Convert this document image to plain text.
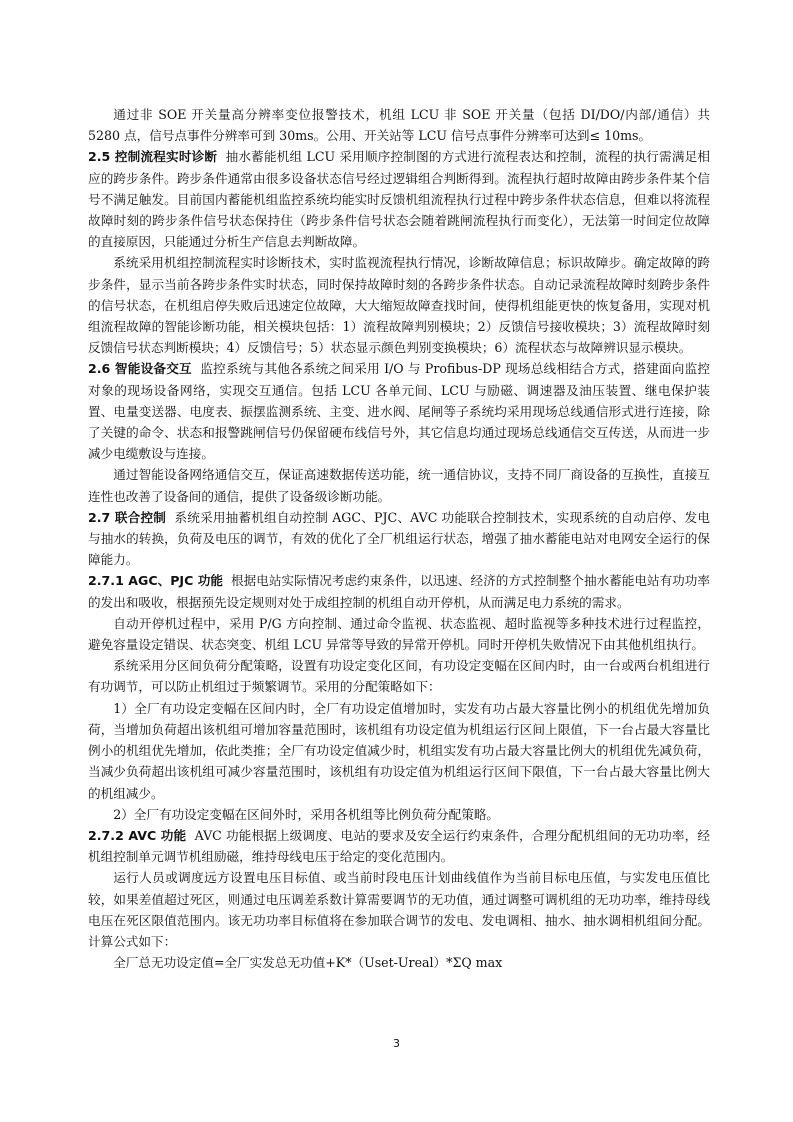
通过非 SOE 开关量高分辨率变位报警技术，机组 LCU 非 SOE 开关量（包括 DI/DO/内部/通信）共 5280 点，信号点事件分辨率可到 30ms。公用、开关站等 LCU 信号点事件分辨率可达到≤ 10ms。

2.5 控制流程实时诊断 抽水蓄能机组 LCU 采用顺序控制图的方式进行流程表达和控制，流程的执行需满足相应的跨步条件。跨步条件通常由很多设备状态信号经过逻辑组合判断得到。流程执行超时故障由跨步条件某个信号不满足触发。目前国内蓄能机组监控系统均能实时反馈机组流程执行过程中跨步条件状态信息，但难以将流程故障时刻的跨步条件信号状态保持住（跨步条件信号状态会随着跳闸流程执行而变化），无法第一时间定位故障的直接原因，只能通过分析生产信息去判断故障。

系统采用机组控制流程实时诊断技术，实时监视流程执行情况，诊断故障信息；标识故障步。确定故障的跨步条件，显示当前各跨步条件实时状态，同时保持故障时刻的各跨步条件状态。自动记录流程故障时刻跨步条件的信号状态，在机组启停失败后迅速定位故障，大大缩短故障查找时间，使得机组能更快的恢复备用，实现对机组流程故障的智能诊断功能，相关模块包括：1）流程故障判别模块；2）反馈信号接收模块；3）流程故障时刻反馈信号状态判断模块；4）反馈信号；5）状态显示颜色判别变换模块；6）流程状态与故障辨识显示模块。

2.6 智能设备交互 监控系统与其他各系统之间采用 I/O 与 Profibus-DP 现场总线相结合方式，搭建面向监控对象的现场设备网络，实现交互通信。包括 LCU 各单元间、LCU 与励磁、调速器及油压装置、继电保护装置、电量变送器、电度表、振摆监测系统、主变、进水阀、尾闸等子系统均采用现场总线通信形式进行连接，除了关键的命令、状态和报警跳闸信号仍保留硬布线信号外，其它信息均通过现场总线通信交互传送，从而进一步减少电缆敷设与连接。

通过智能设备网络通信交互，保证高速数据传送功能，统一通信协议，支持不同厂商设备的互换性，直接互连性也改善了设备间的通信，提供了设备级诊断功能。

2.7 联合控制 系统采用抽蓄机组自动控制 AGC、PJC、AVC 功能联合控制技术，实现系统的自动启停、发电与抽水的转换，负荷及电压的调节，有效的优化了全厂机组运行状态，增强了抽水蓄能电站对电网安全运行的保障能力。

2.7.1 AGC、PJC 功能 根据电站实际情况考虑约束条件，以迅速、经济的方式控制整个抽水蓄能电站有功功率的发出和吸收，根据预先设定规则对处于成组控制的机组自动开停机，从而满足电力系统的需求。

自动开停机过程中，采用 P/G 方向控制、通过命令监视、状态监视、超时监视等多种技术进行过程监控，避免容量设定错误、状态突变、机组 LCU 异常等导致的异常开停机。同时开停机失败情况下由其他机组执行。

系统采用分区间负荷分配策略，设置有功设定变化区间，有功设定变幅在区间内时，由一台或两台机组进行有功调节，可以防止机组过于频繁调节。采用的分配策略如下：

1）全厂有功设定变幅在区间内时，全厂有功设定值增加时，实发有功占最大容量比例小的机组优先增加负荷，当增加负荷超出该机组可增加容量范围时，该机组有功设定值为机组运行区间上限值，下一台占最大容量比例小的机组优先增加，依此类推；全厂有功设定值减少时，机组实发有功占最大容量比例大的机组优先减负荷，当减少负荷超出该机组可减少容量范围时，该机组有功设定值为机组运行区间下限值，下一台占最大容量比例大的机组减少。

2）全厂有功设定变幅在区间外时，采用各机组等比例负荷分配策略。

2.7.2 AVC 功能 AVC 功能根据上级调度、电站的要求及安全运行约束条件，合理分配机组间的无功功率，经机组控制单元调节机组励磁，维持母线电压于给定的变化范围内。

运行人员或调度远方设置电压目标值、或当前时段电压计划曲线值作为当前目标电压值，与实发电压值比较，如果差值超过死区，则通过电压调差系数计算需要调节的无功值，通过调整可调机组的无功功率，维持母线电压在死区限值范围内。该无功功率目标值将在参加联合调节的发电、发电调相、抽水、抽水调相机组间分配。计算公式如下：

全厂总无功设定值=全厂实发总无功值+K*（Uset-Ureal）*ΣQ max

3
